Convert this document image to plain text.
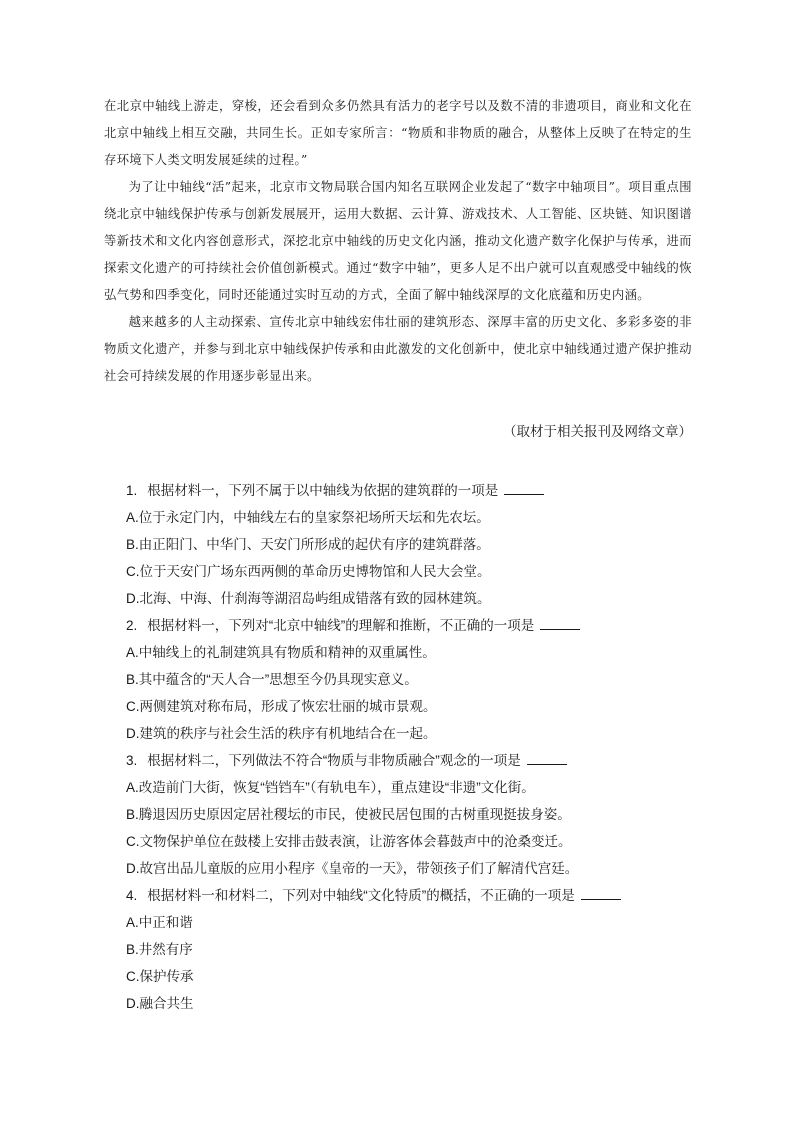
在北京中轴线上游走，穿梭，还会看到众多仍然具有活力的老字号以及数不清的非遗项目，商业和文化在北京中轴线上相互交融，共同生长。正如专家所言：“物质和非物质的融合，从整体上反映了在特定的生存环境下人类文明发展延续的过程。”

为了让中轴线“活”起来，北京市文物局联合国内知名互联网企业发起了“数字中轴项目”。项目重点围绕北京中轴线保护传承与创新发展展开，运用大数据、云计算、游戏技术、人工智能、区块链、知识图谱等新技术和文化内容创意形式，深挖北京中轴线的历史文化内涵，推动文化遗产数字化保护与传承，进而探索文化遗产的可持续社会价值创新模式。通过“数字中轴”，更多人足不出户就可以直观感受中轴线的恢弘气势和四季变化，同时还能通过实时互动的方式，全面了解中轴线深厚的文化底蕴和历史内涵。

越来越多的人主动探索、宣传北京中轴线宏伟壮丽的建筑形态、深厚丰富的历史文化、多彩多姿的非物质文化遗产，并参与到北京中轴线保护传承和由此激发的文化创新中，使北京中轴线通过遗产保护推动社会可持续发展的作用逐步彰显出来。

（取材于相关报刊及网络文章）

1. 根据材料一，下列不属于以中轴线为依据的建筑群的一项是

A.位于永定门内，中轴线左右的皇家祭祀场所天坛和先农坛。

B.由正阳门、中华门、天安门所形成的起伏有序的建筑群落。

C.位于天安门广场东西两侧的革命历史博物馆和人民大会堂。

D.北海、中海、什刹海等湖沼岛屿组成错落有致的园林建筑。

2. 根据材料一，下列对“北京中轴线”的理解和推断，不正确的一项是

A.中轴线上的礼制建筑具有物质和精神的双重属性。

B.其中蕴含的“天人合一”思想至今仍具现实意义。

C.两侧建筑对称布局，形成了恢宏壮丽的城市景观。

D.建筑的秩序与社会生活的秩序有机地结合在一起。

3. 根据材料二，下列做法不符合“物质与非物质融合”观念的一项是

A.改造前门大街，恢复“铛铛车”（有轨电车），重点建设“非遗”文化街。

B.腾退因历史原因定居社稷坛的市民，使被民居包围的古树重现挺拔身姿。

C.文物保护单位在鼓楼上安排击鼓表演，让游客体会暮鼓声中的沧桑变迁。

D.故宫出品儿童版的应用小程序《皇帝的一天》，带领孩子们了解清代宫廷。

4. 根据材料一和材料二，下列对中轴线“文化特质”的概括，不正确的一项是

A.中正和谐

B.井然有序

C.保护传承

D.融合共生
